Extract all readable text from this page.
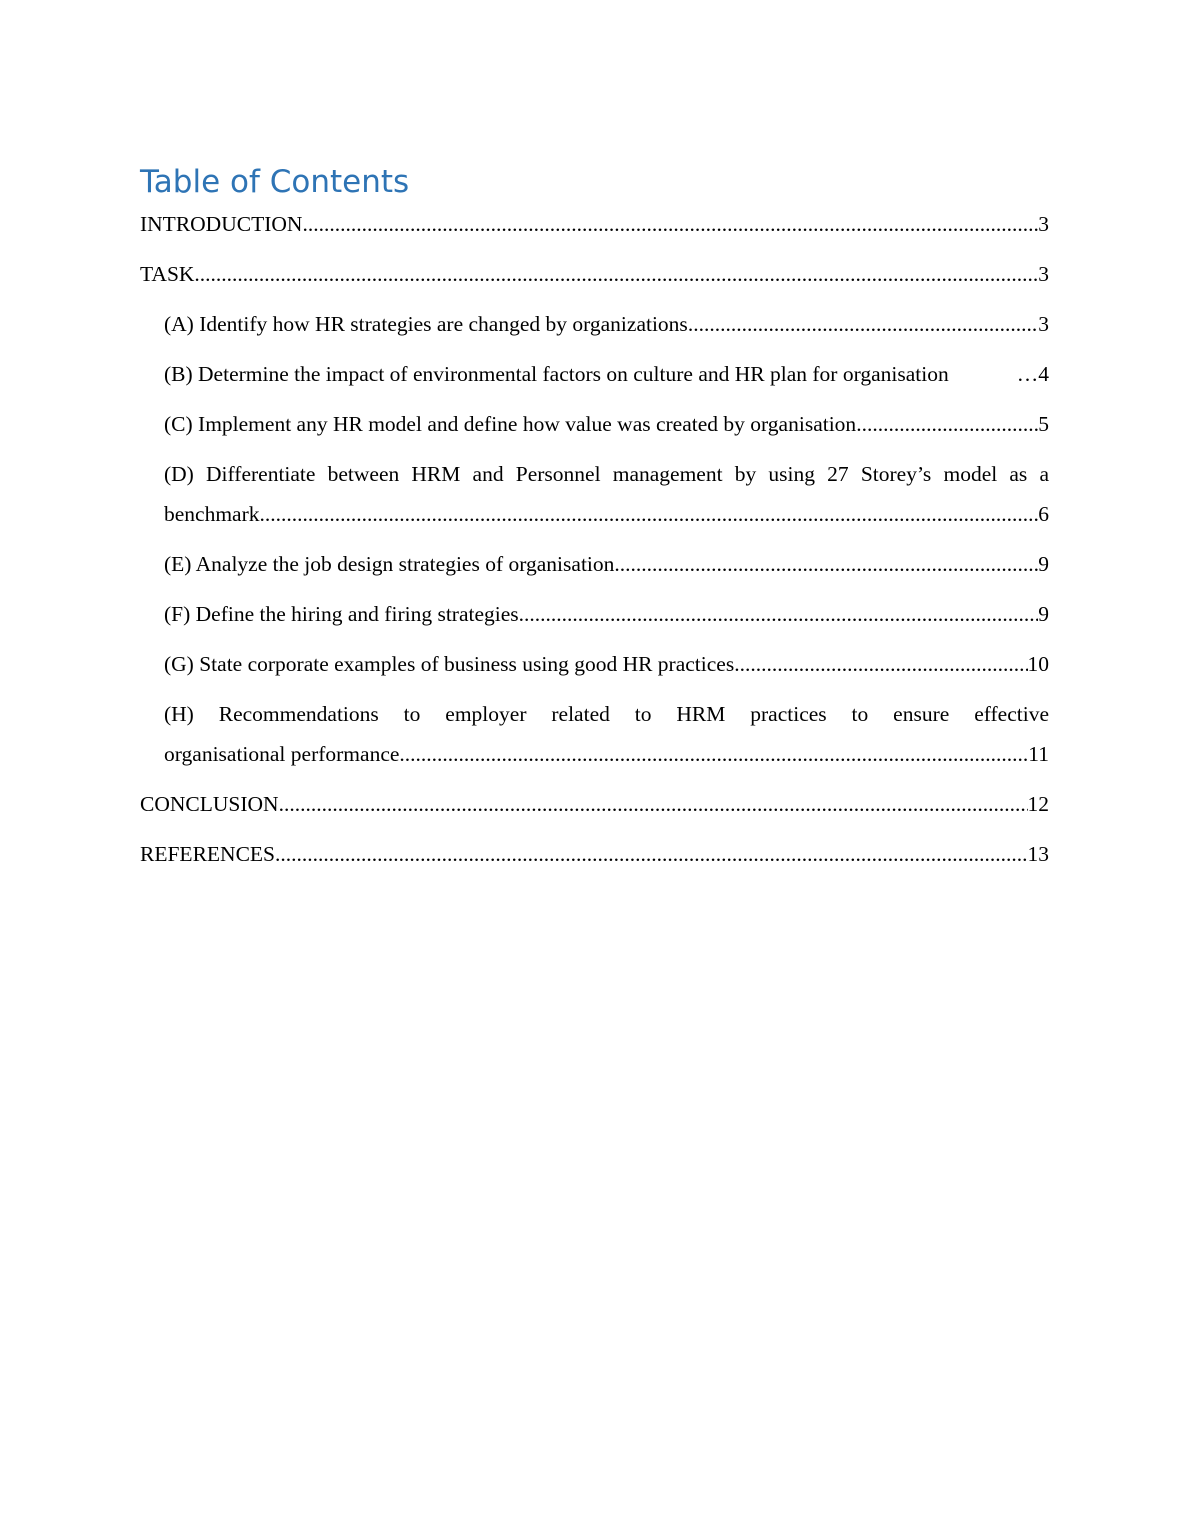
Table of Contents
INTRODUCTION .....	3
TASK .....	3
(A) Identify how HR strategies are changed by organizations .....	3
(B) Determine the impact of environmental factors on culture and HR plan for organisation	…4
(C) Implement any HR model and define how value was created by organisation .....	5
(D) Differentiate between HRM and Personnel management by using 27 Storey’s model as a
benchmark .....	6
(E) Analyze the job design strategies of organisation .....	9
(F) Define the hiring and firing strategies .....	9
(G) State corporate examples of business using good HR practices .....	10
(H) Recommendations to employer related to HRM practices to ensure effective
organisational performance .....	11
CONCLUSION .....	12
REFERENCES .....	13
